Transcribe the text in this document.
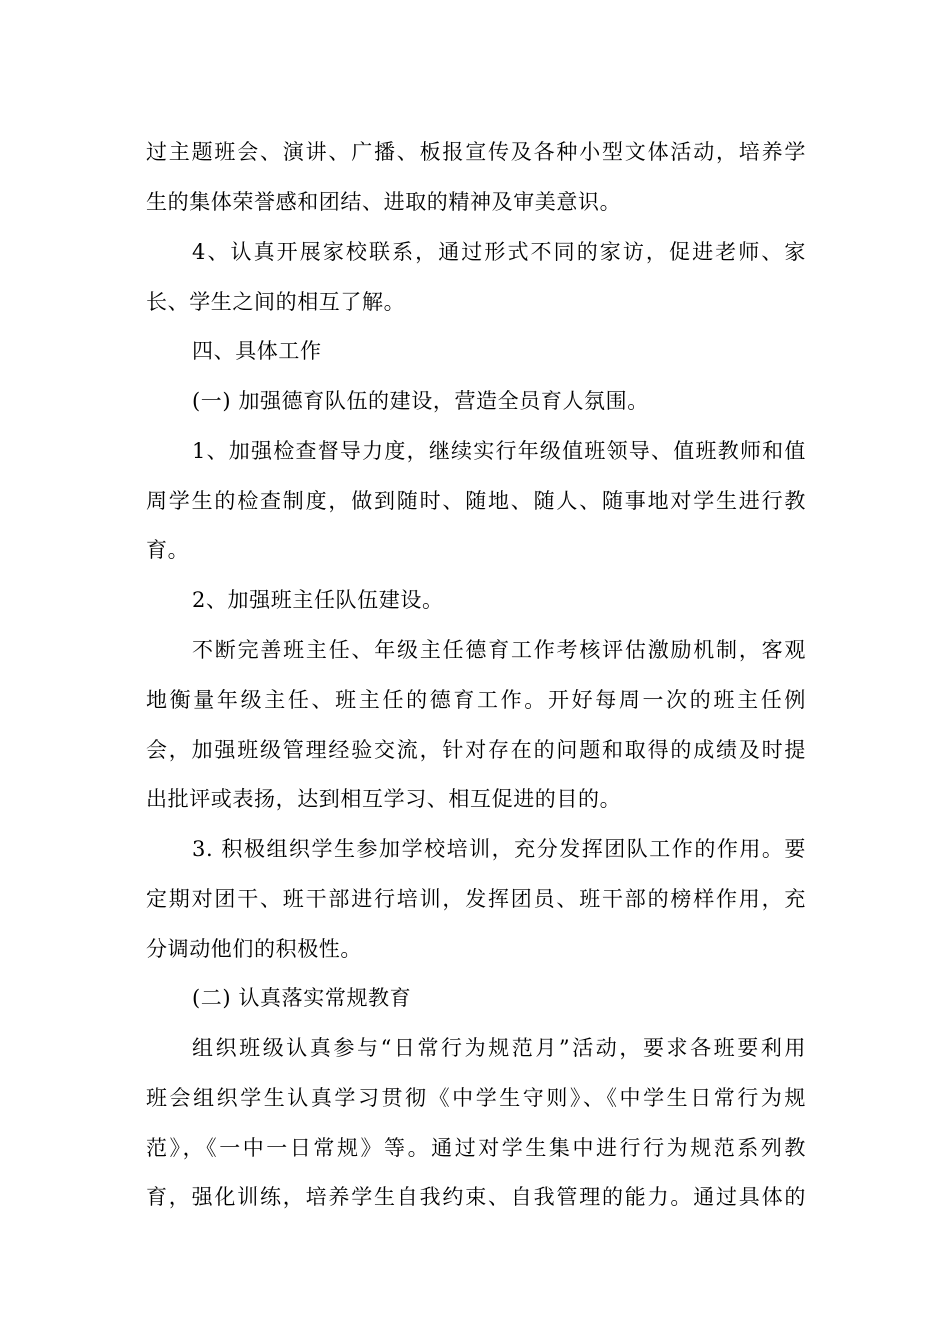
过主题班会、演讲、广播、板报宣传及各种小型文体活动，培养学
生的集体荣誉感和团结、进取的精神及审美意识。
4、认真开展家校联系，通过形式不同的家访，促进老师、家
长、学生之间的相互了解。
四、具体工作
(一) 加强德育队伍的建设，营造全员育人氛围。
1、加强检查督导力度，继续实行年级值班领导、值班教师和值
周学生的检查制度，做到随时、随地、随人、随事地对学生进行教
育。
2、加强班主任队伍建设。
不断完善班主任、年级主任德育工作考核评估激励机制，客观
地衡量年级主任、班主任的德育工作。开好每周一次的班主任例
会，加强班级管理经验交流，针对存在的问题和取得的成绩及时提
出批评或表扬，达到相互学习、相互促进的目的。
3. 积极组织学生参加学校培训，充分发挥团队工作的作用。要
定期对团干、班干部进行培训，发挥团员、班干部的榜样作用，充
分调动他们的积极性。
(二) 认真落实常规教育
组织班级认真参与“日常行为规范月”活动，要求各班要利用
班会组织学生认真学习贯彻《中学生守则》、《中学生日常行为规
范》，《一中一日常规》等。通过对学生集中进行行为规范系列教
育，强化训练，培养学生自我约束、自我管理的能力。通过具体的
